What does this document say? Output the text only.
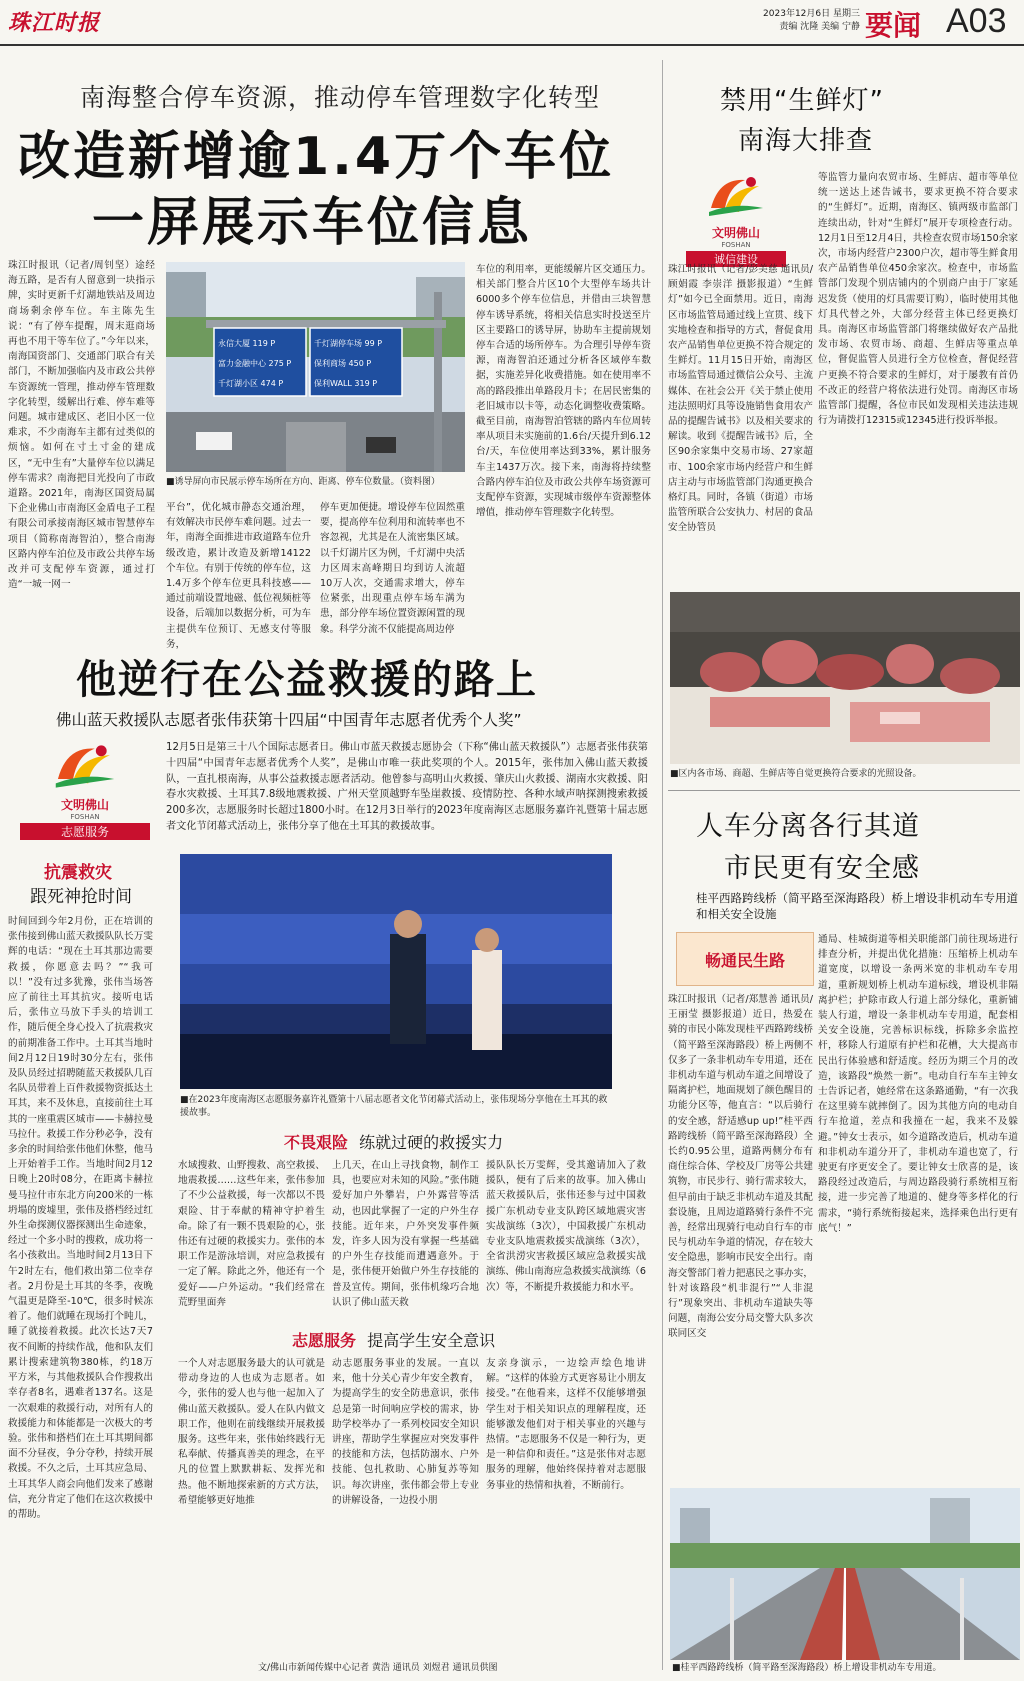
珠江时报	2023年12月6日 星期三
责编 沈隆 美编 宁静 要闻 A03
南海整合停车资源，推动停车管理数字化转型
改造新增逾1.4万个车位
一屏展示车位信息
珠江时报讯（记者/周钊坚）途经海五路，是否有人留意到一块指示牌，实时更新千灯湖地铁站及周边商场剩余停车位。车主陈先生说：“有了停车提醒，周末逛商场再也不用干等车位了。”今年以来，南海国资部门、交通部门联合有关部门，不断加强临内及市政公共停车资源统一管理，推动停车管理数字化转型，缓解出行难、停车难等问题。城市建成区、老旧小区一位难求，不少南海车主都有过类似的烦恼。如何在寸土寸金的建成区，“无中生有”大量停车位以满足停车需求？南海把目光投向了市政道路。2021年，南海区国资局属下企业佛山市南海区金盾电子工程有限公司承接南海区城市智慧停车项目（简称南海智泊），整合南海区路内停车泊位及市政公共停车场改并可支配停车资源，通过打造“一城一网一
永信大厦 119 P
富力金融中心 275 P
千灯湖小区 474 P
千灯湖停车场 99 P
保利商场 450 P
保利WALL 319 P
■诱导屏向市民展示停车场所在方向、距离、停车位数量。（资料图）
平台”，优化城市静态交通治理，有效解决市民停车难问题。过去一年，南海全面推进市政道路车位升级改造，累计改造及新增14122个车位。有别于传统的停车位，这1.4万多个停车位更具科技感——通过前端设置地磁、低位视频桩等设备，后端加以数据分析，可为车主提供车位预订、无感支付等服务，
停车更加便捷。增设停车位固然重要，提高停车位利用和流转率也不容忽视，尤其是在人流密集区域。以千灯湖片区为例，千灯湖中央活力区周末高峰期日均到访人流超10万人次，交通需求增大，停车位紧张，出现重点停车场车满为患，部分停车场位置资源闲置的现象。科学分流不仅能提高周边停
车位的利用率，更能缓解片区交通压力。相关部门整合片区10个大型停车场共计6000多个停车位信息，并借由三块智慧停车诱导系统，将相关信息实时投送至片区主要路口的诱导屏，协助车主提前规划停车合适的场所停车。为合理引导停车资源，南海智泊还通过分析各区域停车数据，实施差异化收费措施。如在使用率不高的路段推出单路段月卡；在居民密集的老旧城市以卡等，动态化调整收费策略。截至目前，南海智泊管辖的路内车位周转率从项目未实施前的1.6台/天提升到6.12台/天，车位使用率达到33%，累计服务车主1437万次。接下来，南海将持续整合路内停车泊位及市政公共停车场资源可支配停车资源，实现城市级停车资源整体增值，推动停车管理数字化转型。
禁用“生鲜灯”
南海大排查
文明佛山
FOSHAN
诚信建设
珠江时报讯（记者/彭美慈 通讯员/顾娟霞 李崇洋 摄影报道）“生鲜灯”如今已全面禁用。近日，南海区市场监管局通过线上宣贯、线下实地检查和指导的方式，督促食用农产品销售单位更换不符合规定的生鲜灯。11月15日开始，南海区市场监管局通过微信公众号、主流媒体、在社会公开《关于禁止使用违法照明灯具等设施销售食用农产品的提醒告诫书》以及相关要求的解读。收到《提醒告诫书》后，全区90余家集中交易市场、27家超市、100余家市场内经营户和生鲜店主动与市场监管部门沟通更换合格灯具。同时，各镇（街道）市场监管所联合公安执力、村居的食品安全协管员
等监管力量向农贸市场、生鲜店、超市等单位统一送达上述告诫书，要求更换不符合要求的“生鲜灯”。近期，南海区、镇两级市监部门连续出动，针对“生鲜灯”展开专项检查行动。12月1日至12月4日，共检查农贸市场150余家次，市场内经营户2300户次，超市等生鲜食用农产品销售单位450余家次。检查中，市场监管部门发现个别店铺内的个别商户由于厂家延迟发货（使用的灯具需要订购），临时使用其他灯具代替之外，大部分经营主体已经更换灯具。南海区市场监管部门将继续做好农产品批发市场、农贸市场、商超、生鲜店等重点单位，督促监管人员进行全方位检查，督促经营户更换不符合要求的生鲜灯，对于屡教有首仍不改正的经营户将依法进行处罚。南海区市场监管部门提醒，各位市民如发现相关违法违规行为请拨打12315或12345进行投诉举报。
■区内各市场、商超、生鲜店等自觉更换符合要求的光照设备。
他逆行在公益救援的路上
佛山蓝天救援队志愿者张伟获第十四届“中国青年志愿者优秀个人奖”
文明佛山
FOSHAN
志愿服务
12月5日是第三十八个国际志愿者日。佛山市蓝天救援志愿协会（下称“佛山蓝天救援队”）志愿者张伟获第十四届“中国青年志愿者优秀个人奖”，是佛山市唯一获此奖项的个人。2015年，张伟加入佛山蓝天救援队，一直扎根南海，从事公益救援志愿者活动。他曾参与高明山火救援、肇庆山火救援、湖南水灾救援、阳春水灾救援、土耳其7.8级地震救援、广州天堂顶越野车坠崖救援、疫情防控、各种水域声呐探测搜索救援200多次，志愿服务时长超过1800小时。在12月3日举行的2023年度南海区志愿服务嘉许礼暨第十届志愿者文化节闭幕式活动上，张伟分享了他在土耳其的救援故事。
抗震救灾
跟死神抢时间
时间回到今年2月份，正在培训的张伟接到佛山蓝天救援队队长万雯辉的电话：“现在土耳其那边需要救援，你愿意去吗？”“我可以！”没有过多犹豫，张伟当场答应了前往土耳其抗灾。接听电话后，张伟立马放下手头的培训工作，随后便全身心投入了抗震救灾的前期准备工作中。土耳其当地时间2月12日19时30分左右，张伟及队员经过招聘随蓝天救援队几百名队员带着上百件救援物资抵达土耳其，来不及休息，直接前往土耳其的一座重震区城市——卡赫拉曼马拉什。救援工作分秒必争，没有多余的时间给张伟他们休整，他马上开始着手工作。当地时间2月12日晚上20时08分，在距离卡赫拉曼马拉什市东北方向200米的一栋坍塌的废墟里，张伟及搭档经过红外生命探测仪器探测出生命迹象，经过一个多小时的搜救，成功将一名小孩救出。当地时间2月13日下午2时左右，他们救出第二位幸存者。2月份是土耳其的冬季，夜晚气温更是降至-10℃，很多时候冻着了。他们就睡在现场打个盹儿，睡了就接着救援。此次长达7天7夜不间断的持续作战，他和队友们累计搜索建筑物380栋，约18万平方米，与其他救援队合作搜救出幸存者8名，遇难者137名。这是一次艰难的救援行动，对所有人的救援能力和体能都是一次极大的考验。张伟和搭档们在土耳其期间都面不分昼夜，争分夺秒，持续开展救援。不久之后，土耳其应急局、土耳其华人商会向他们发来了感谢信，充分肯定了他们在这次救援中的帮助。
■在2023年度南海区志愿服务嘉许礼暨第十八届志愿者文化节闭幕式活动上，张伟现场分享他在土耳其的救援故事。
不畏艰险 练就过硬的救援实力
水域搜救、山野搜救、高空救援、地震救援……这些年来，张伟参加了不少公益救援，每一次都以不畏艰险、甘于奉献的精神守护着生命。除了有一颗不畏艰险的心，张伟还有过硬的救援实力。张伟的本职工作是游泳培训，对应急救援有一定了解。除此之外，他还有一个爱好——户外运动。“我们经常在荒野里面奔
上几天，在山上寻找食物，制作工具，也要应对未知的风险。”张伟随爱好加户外攀岩，户外露营等活动，也因此掌握了一定的户外生存技能。近年来，户外突发事件频发，许多人因为没有掌握一些基础的户外生存技能而遭遇意外。于是，张伟便开始做户外生存技能的普及宣传。期间，张伟机缘巧合地认识了佛山蓝天救
援队队长万雯辉，受其邀请加入了救援队，便有了后来的故事。加入佛山蓝天救援队后，张伟还参与过中国救援广东机动专业支队跨区域地震灾害实战演练（3次），中国救援广东机动专业支队地震救援实战演练（3次），全省洪涝灾害救援区域应急救援实战演练、佛山南海应急救援实战演练（6次）等，不断提升救援能力和水平。
志愿服务 提高学生安全意识
一个人对志愿服务最大的认可就是带动身边的人也成为志愿者。如今，张伟的爱人也与他一起加入了佛山蓝天救援队。爱人在队内做文职工作，他则在前线继续开展救援服务。这些年来，张伟始终践行无私奉献、传播真善美的理念，在平凡的位置上默默耕耘、发挥光和热。他不断地探索新的方式方法，希望能够更好地推
动志愿服务事业的发展。一直以来，他十分关心青少年安全教育，为提高学生的安全防患意识，张伟总是第一时间响应学校的需求，协助学校举办了一系列校园安全知识讲座，帮助学生掌握应对突发事件的技能和方法，包括防溺水、户外技能、包扎救助、心肺复苏等知识。每次讲座，张伟都会带上专业的讲解设备，一边投小朋
友亲身演示，一边绘声绘色地讲解。“这样的体验方式更容易让小朋友接受。”在他看来，这样不仅能够增强学生对于相关知识点的理解程度，还能够激发他们对于相关事业的兴趣与热情。“志愿服务不仅是一种行为，更是一种信仰和责任。”这是张伟对志愿服务的理解，他始终保持着对志愿服务事业的热情和执着，不断前行。
文/佛山市新闻传媒中心记者 黄浩 通讯员 刘煜君 通讯员供图
人车分离各行其道
市民更有安全感
桂平西路跨线桥（简平路至深海路段）桥上增设非机动车专用道和相关安全设施
畅通民生路
珠江时报讯（记者/郑慧善 通讯员/王丽莹 摄影报道）近日，热爱在骑的市民小陈发现桂平西路跨线桥（简平路至深海路段）桥上两侧不仅多了一条非机动车专用道，还在非机动车道与机动车道之间增设了隔离护栏，地面规划了颜色醒目的功能分区等，他直言：“以后骑行的安全感，舒适感up up!”桂平西路跨线桥（简平路至深海路段）全长约0.95公里，道路两侧分布有商住综合体、学校及厂房等公共建筑物，市民步行、骑行需求较大，但早前由于缺乏非机动车道及其配套设施，且周边道路骑行条件不完善，经常出现骑行电动自行车的市民与机动车争道的情况，存在较大安全隐患，影响市民安全出行。南海交警部门着力把惠民之事办实，针对该路段“机非混行”“人非混行”现象突出、非机动车道缺失等问题，南海公安分局交警大队多次联同区交
通局、桂城街道等相关职能部门前往现场进行排查分析，并提出优化措施：压缩桥上机动车道宽度，以增设一条两米宽的非机动车专用道，重新规划桥上机动车道标线，增设机非隔离护栏；护除市政人行道上部分绿化，重新铺装人行道，增设一条非机动车专用道，配套相关安全设施，完善标识标线，拆除多余监控杆，移除人行道原有护栏和花槽，大大提高市民出行体验感和舒适度。经历为期三个月的改造，该路段“焕然一新”。电动自行车车主钟女士告诉记者，她经常在这条路通勤，“有一次我在这里骑车就摔倒了。因为其他方向的电动自行车抢道，差点和我撞在一起，我来不及躲避。”钟女士表示，如今道路改造后，机动车道和非机动车道分开了，非机动车道也宽了，行驶更有序更安全了。要让钟女士欣喜的是，该路段经过改造后，与周边路段骑行系统相互衔接，进一步完善了地道的、健身等多样化的行需求，“骑行系统衔接起来，选择乘色出行更有底气！”
■桂平西路跨线桥（简平路至深海路段）桥上增设非机动车专用道。
